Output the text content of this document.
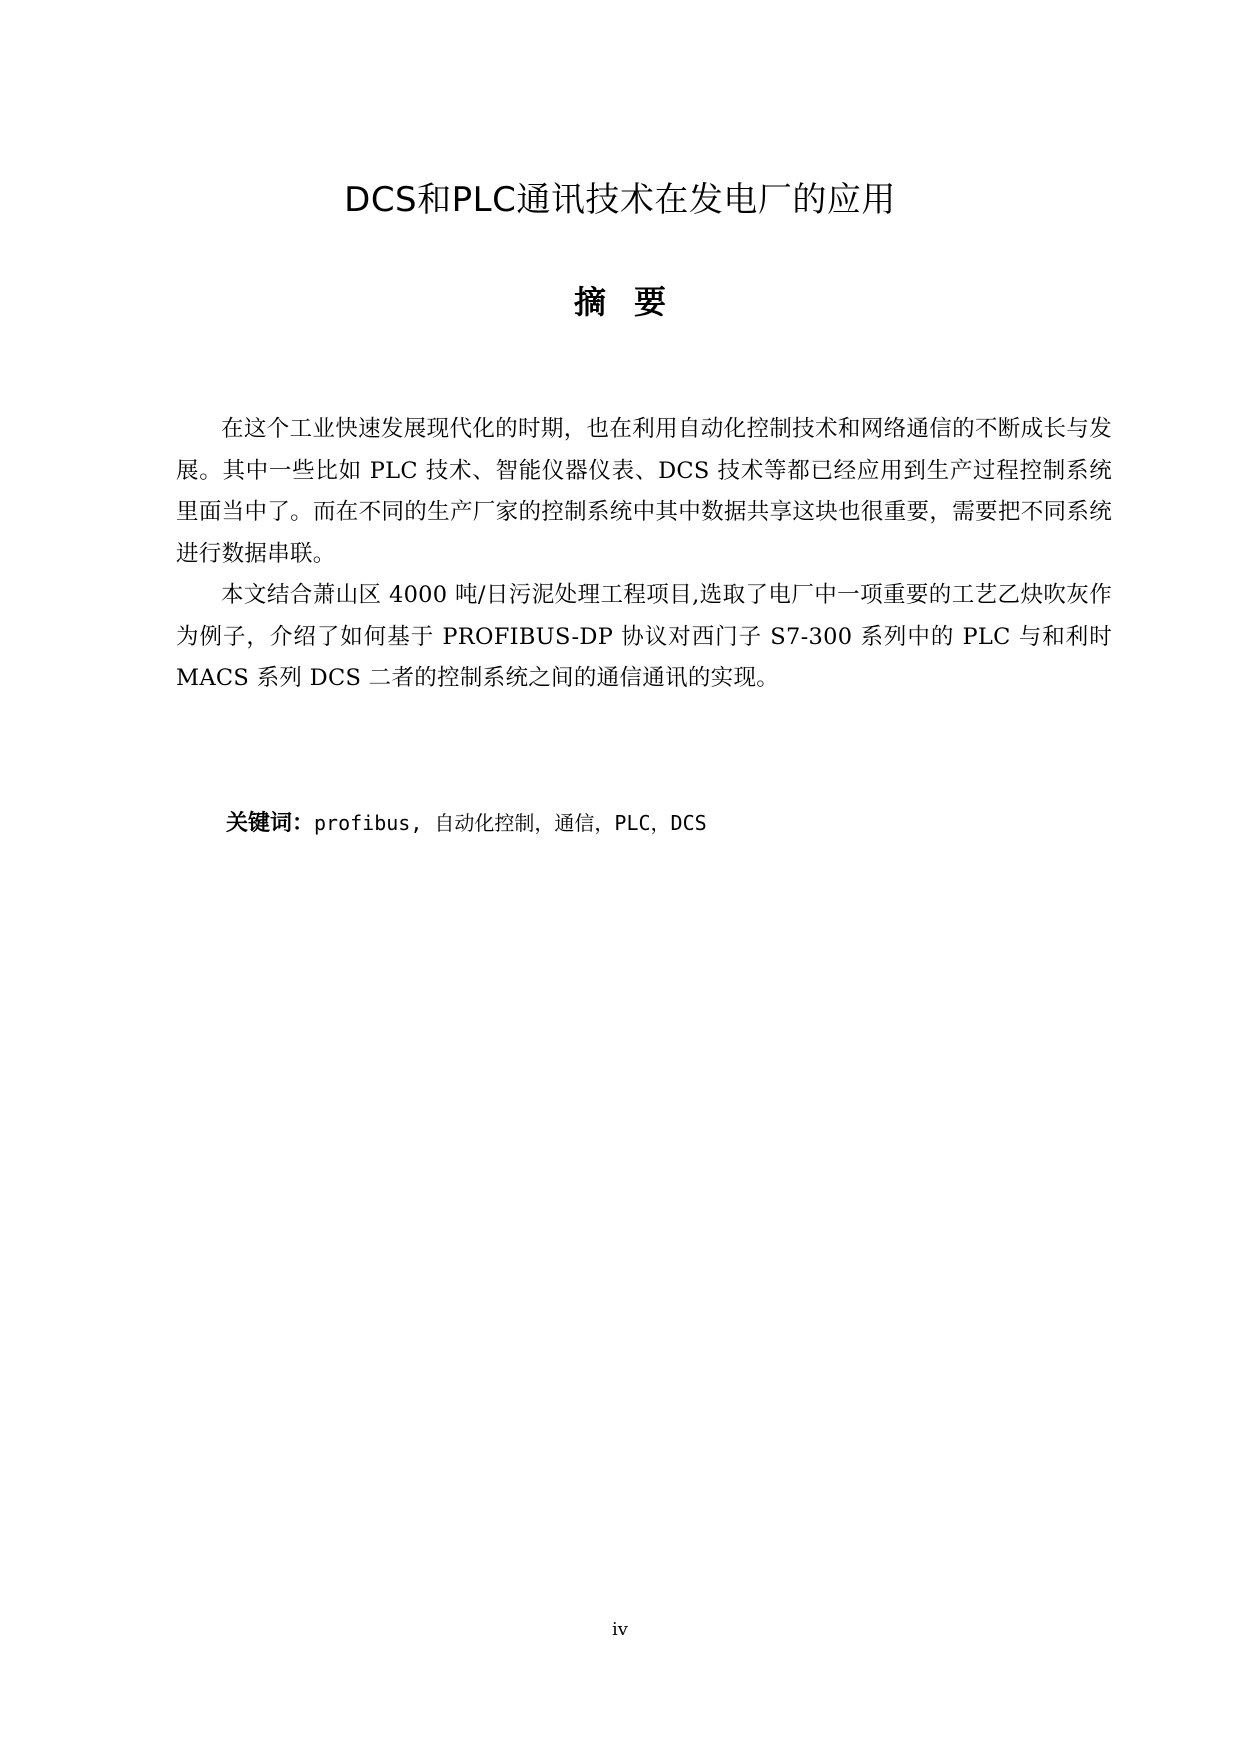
DCS和PLC通讯技术在发电厂的应用
摘要

在这个工业快速发展现代化的时期，也在利用自动化控制技术和网络通信的不断成长与发展。其中一些比如 PLC 技术、智能仪器仪表、DCS 技术等都已经应用到生产过程控制系统里面当中了。而在不同的生产厂家的控制系统中其中数据共享这块也很重要，需要把不同系统进行数据串联。

本文结合萧山区 4000 吨/日污泥处理工程项目,选取了电厂中一项重要的工艺乙炔吹灰作为例子，介绍了如何基于 PROFIBUS-DP 协议对西门子 S7-300 系列中的 PLC 与和利时 MACS 系列 DCS 二者的控制系统之间的通信通讯的实现。

关键词：profibus, 自动化控制，通信，PLC，DCS
iv
